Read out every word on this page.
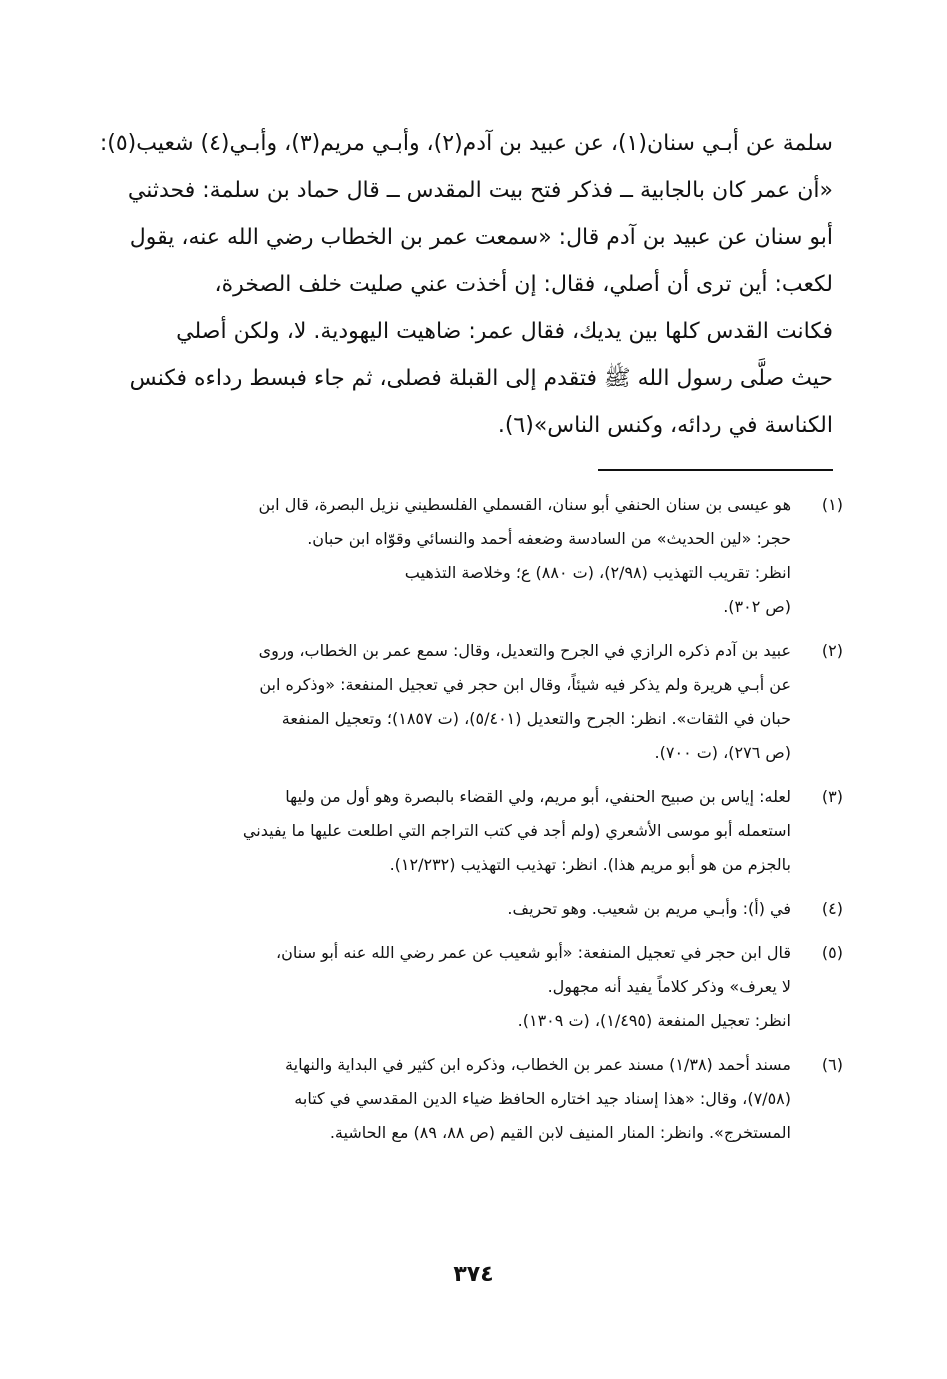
سلمة عن أبـي سنان(١)، عن عبيد بن آدم(٢)، وأبـي مريم(٣)، وأبـي(٤) شعيب(٥):
«أن عمر كان بالجابية ــ فذكر فتح بيت المقدس ــ قال حماد بن سلمة: فحدثني
أبو سنان عن عبيد بن آدم قال: «سمعت عمر بن الخطاب رضي الله عنه، يقول
لكعب: أين ترى أن أصلي، فقال: إن أخذت عني صليت خلف الصخرة،
فكانت القدس كلها بين يديك، فقال عمر: ضاهيت اليهودية. لا، ولكن أصلي
حيث صلَّى رسول الله ﷺ فتقدم إلى القبلة فصلى، ثم جاء فبسط رداءه فكنس
الكناسة في ردائه، وكنس الناس»(٦).
(١)
هو عيسى بن سنان الحنفي أبو سنان، القسملي الفلسطيني نزيل البصرة، قال ابن
حجر: «لين الحديث» من السادسة وضعفه أحمد والنسائي وقوّاه ابن حبان.
انظر: تقريب التهذيب (٢/٩٨)، (ت ٨٨٠) ع؛ وخلاصة التذهيب
(ص ٣٠٢).
(٢)
عبيد بن آدم ذكره الرازي في الجرح والتعديل، وقال: سمع عمر بن الخطاب، وروى
عن أبـي هريرة ولم يذكر فيه شيئاً، وقال ابن حجر في تعجيل المنفعة: «وذكره ابن
حبان في الثقات». انظر: الجرح والتعديل (٥/٤٠١)، (ت ١٨٥٧)؛ وتعجيل المنفعة
(ص ٢٧٦)، (ت ٧٠٠).
(٣)
لعله: إياس بن صبيح الحنفي، أبو مريم، ولي القضاء بالبصرة وهو أول من وليها
استعمله أبو موسى الأشعري (ولم أجد في كتب التراجم التي اطلعت عليها ما يفيدني
بالجزم من هو أبو مريم هذا). انظر: تهذيب التهذيب (١٢/٢٣٢).
(٤)
في (أ): وأبـي مريم بن شعيب. وهو تحريف.
(٥)
قال ابن حجر في تعجيل المنفعة: «أبو شعيب عن عمر رضي الله عنه أبو سنان،
لا يعرف» وذكر كلاماً يفيد أنه مجهول.
انظر: تعجيل المنفعة (١/٤٩٥)، (ت ١٣٠٩).
(٦)
مسند أحمد (١/٣٨) مسند عمر بن الخطاب، وذكره ابن كثير في البداية والنهاية
(٧/٥٨)، وقال: «هذا إسناد جيد اختاره الحافظ ضياء الدين المقدسي في كتابه
المستخرج». وانظر: المنار المنيف لابن القيم (ص ٨٨، ٨٩) مع الحاشية.
٣٧٤
